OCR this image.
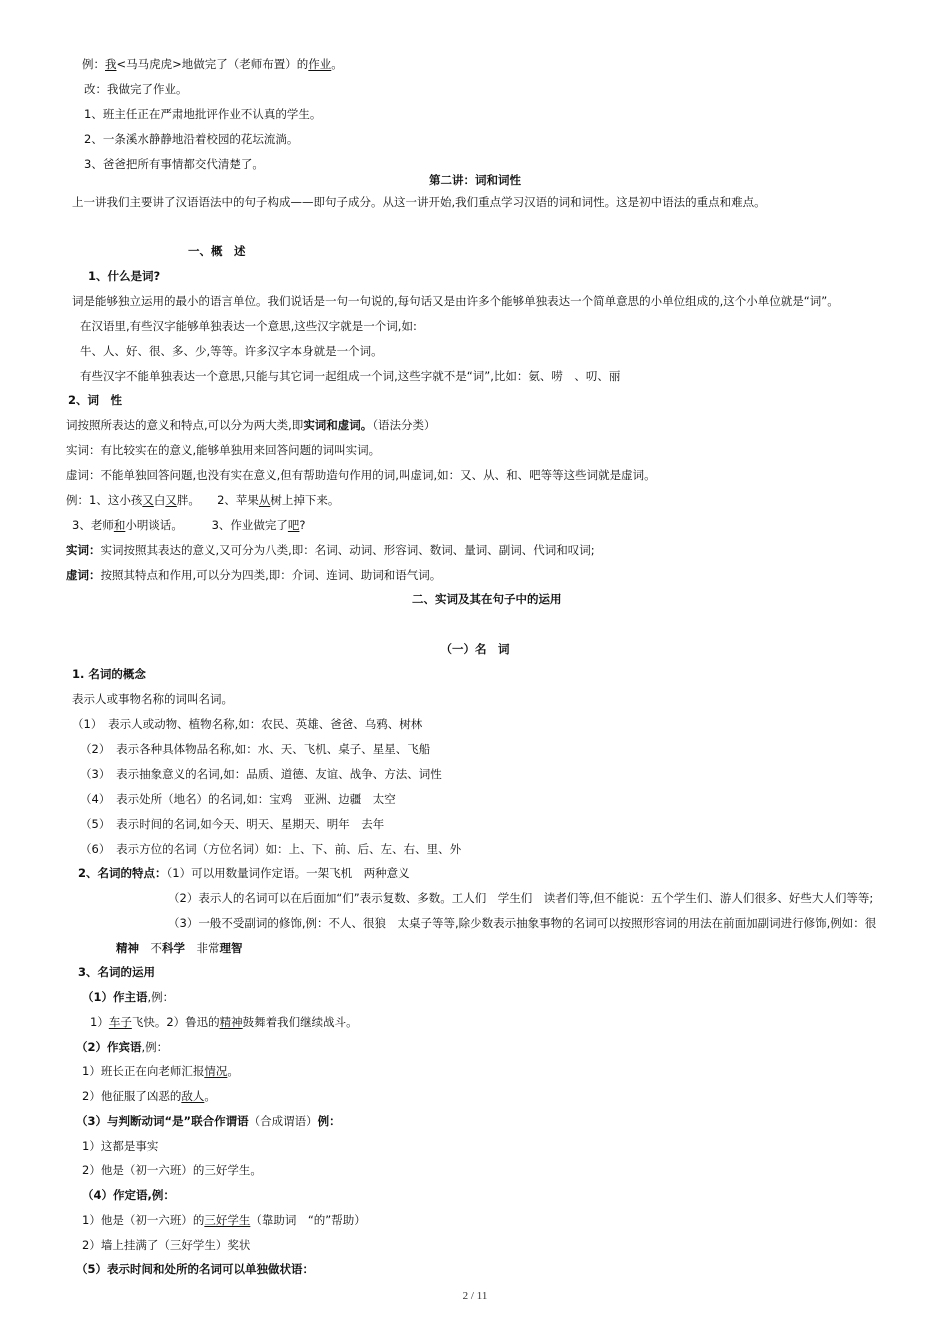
例：我<马马虎虎>地做完了（老师布置）的作业。
改：我做完了作业。
1、班主任正在严肃地批评作业不认真的学生。
2、一条溪水静静地沿着校园的花坛流淌。
3、爸爸把所有事情都交代清楚了。
第二讲：词和词性
上一讲我们主要讲了汉语语法中的句子构成——即句子成分。从这一讲开始,我们重点学习汉语的词和词性。这是初中语法的重点和难点。
一、概　述
1、什么是词?
词是能够独立运用的最小的语言单位。我们说话是一句一句说的,每句话又是由许多个能够单独表达一个简单意思的小单位组成的,这个小单位就是“词”。
在汉语里,有些汉字能够单独表达一个意思,这些汉字就是一个词,如:
牛、人、好、很、多、少,等等。许多汉字本身就是一个词。
有些汉字不能单独表达一个意思,只能与其它词一起组成一个词,这些字就不是“词”,比如：氨、唠　、叨、丽
2、词　性
词按照所表达的意义和特点,可以分为两大类,即实词和虚词。（语法分类）
实词：有比较实在的意义,能够单独用来回答问题的词叫实词。
虚词：不能单独回答问题,也没有实在意义,但有帮助造句作用的词,叫虚词,如：又、从、和、吧等等这些词就是虚词。
例：1、这小孩又白又胖。　　2、苹果从树上掉下来。
3、老师和小明谈话。　　　3、作业做完了吧?
实词：实词按照其表达的意义,又可分为八类,即：名词、动词、形容词、数词、量词、副词、代词和叹词;
虚词：按照其特点和作用,可以分为四类,即：介词、连词、助词和语气词。
二、实词及其在句子中的运用
（一）名　词
1. 名词的概念
表示人或事物名称的词叫名词。
（1）　表示人或动物、植物名称,如：农民、英雄、爸爸、乌鸦、树林
（2）　表示各种具体物品名称,如：水、天、飞机、桌子、星星、飞船
（3）　表示抽象意义的名词,如：品质、道德、友谊、战争、方法、词性
（4）　表示处所（地名）的名词,如：宝鸡　亚洲、边疆　太空
（5）　表示时间的名词,如今天、明天、星期天、明年　去年
（6）　表示方位的名词（方位名词）如：上、下、前、后、左、右、里、外
2、名词的特点：（1）可以用数量词作定语。一架飞机　两种意义
（2）表示人的名词可以在后面加“们”表示复数、多数。工人们　学生们　读者们等,但不能说：五个学生们、游人们很多、好些大人们等等;
（3）一般不受副词的修饰,例：不人、很狼　太桌子等等,除少数表示抽象事物的名词可以按照形容词的用法在前面加副词进行修饰,例如：很
精神　不科学　非常理智
3、名词的运用
（1）作主语,例：
1）车子飞快。2）鲁迅的精神鼓舞着我们继续战斗。
（2）作宾语,例：
1）班长正在向老师汇报情况。
2）他征服了凶恶的敌人。
（3）与判断动词“是”联合作谓语（合成谓语）例：
1）这都是事实
2）他是（初一六班）的三好学生。
（4）作定语,例：
1）他是（初一六班）的三好学生（靠助词　“的”帮助）
2）墙上挂满了（三好学生）奖状
（5）表示时间和处所的名词可以单独做状语：
2 / 11
